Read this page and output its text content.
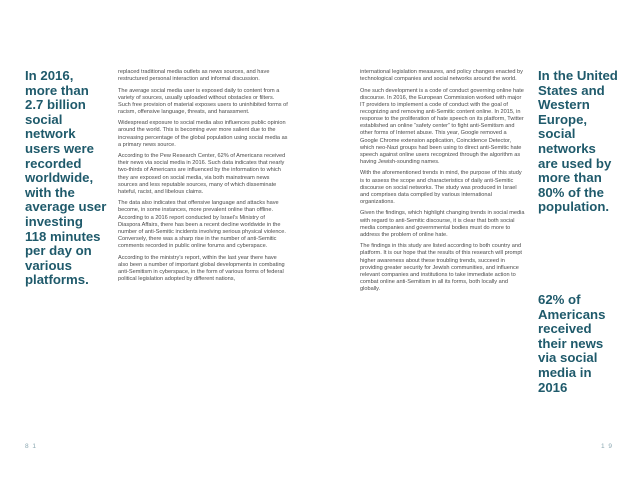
In 2016, more than 2.7 billion social network users were recorded worldwide, with the average user investing 118 minutes per day on various platforms.

replaced traditional media outlets as news sources, and have restructured personal interaction and informal discussion.

The average social media user is exposed daily to content from a variety of sources, usually uploaded without obstacles or filters. Such free provision of material exposes users to uninhibited forms of racism, offensive language, threats, and harassment.

Widespread exposure to social media also influences public opinion around the world. This is becoming ever more salient due to the increasing percentage of the global population using social media as a primary news source.

According to the Pew Research Center, 62% of Americans received their news via social media in 2016. Such data indicates that nearly two-thirds of Americans are influenced by the information to which they are exposed on social media, via both mainstream news sources and less reputable sources, many of which disseminate hateful, racist, and libelous claims.

The data also indicates that offensive language and attacks have become, in some instances, more prevalent online than offline. According to a 2016 report conducted by Israel’s Ministry of Diaspora Affairs, there has been a recent decline worldwide in the number of anti-Semitic incidents involving serious physical violence. Conversely, there was a sharp rise in the number of anti-Semitic comments recorded in public online forums and cyberspace.

According to the ministry’s report, within the last year there have also been a number of important global developments in combating anti-Semitism in cyberspace, in the form of various forms of federal political legislation adopted by different nations,

8 1

international legislation measures, and policy changes enacted by technological companies and social networks around the world.

One such development is a code of conduct governing online hate discourse. In 2016, the European Commission worked with major IT providers to implement a code of conduct with the goal of recognizing and removing anti-Semitic content online. In 2015, in response to the proliferation of hate speech on its platform, Twitter established an online “safety center” to fight anti-Semitism and other forms of Internet abuse. This year, Google removed a Google Chrome extension application, Coincidence Detector, which neo-Nazi groups had been using to direct anti-Semitic hate speech against online users recognized through the algorithm as having Jewish-sounding names.

With the aforementioned trends in mind, the purpose of this study is to assess the scope and characteristics of daily anti-Semitic discourse on social networks. The study was produced in Israel and comprises data compiled by various international organizations.

Given the findings, which highlight changing trends in social media with regard to anti-Semitic discourse, it is clear that both social media companies and governmental bodies must do more to address the problem of online hate.

The findings in this study are listed according to both country and platform. It is our hope that the results of this research will prompt higher awareness about these troubling trends, succeed in providing greater security for Jewish communities, and influence relevant companies and institutions to take immediate action to combat online anti-Semitism in all its forms, both locally and globally.

In the United States and Western Europe, social networks are used by more than 80% of the population.
62% of Americans received their news via social media in 2016
1 9
